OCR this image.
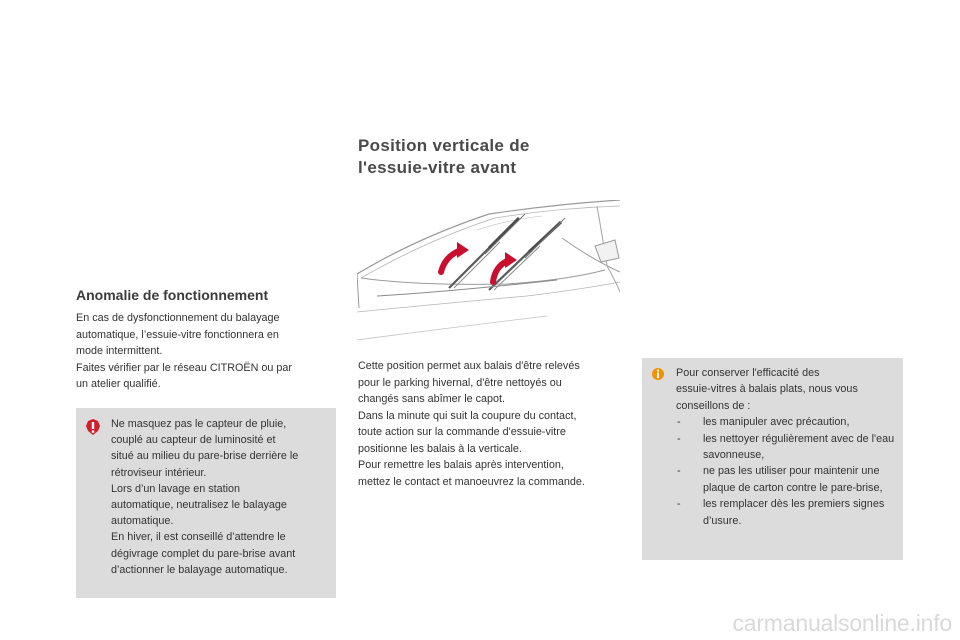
Position verticale de
l'essuie-vitre avant
Anomalie de fonctionnement

En cas de dysfonctionnement du balayage

automatique, l’essuie-vitre fonctionnera en

mode intermittent.

Faites vérifier par le réseau CITROËN ou par

un atelier qualifié.

Cette position permet aux balais d'être relevés

pour le parking hivernal, d'être nettoyés ou

changés sans abîmer le capot.

Dans la minute qui suit la coupure du contact,

toute action sur la commande d'essuie-vitre

positionne les balais à la verticale.

Pour remettre les balais après intervention,

mettez le contact et manoeuvrez la commande.

Ne masquez pas le capteur de pluie,

couplé au capteur de luminosité et

situé au milieu du pare-brise derrière le

rétroviseur intérieur.

Lors d’un lavage en station

automatique, neutralisez le balayage

automatique.

En hiver, il est conseillé d’attendre le

dégivrage complet du pare-brise avant

d’actionner le balayage automatique.

Pour conserver l'efficacité des

essuie-vitres à balais plats, nous vous

conseillons de :

- les manipuler avec précaution,
- les nettoyer régulièrement avec de l'eau savonneuse,
- ne pas les utiliser pour maintenir une plaque de carton contre le pare-brise,
- les remplacer dès les premiers signes d’usure.
carmanualsonline.info
